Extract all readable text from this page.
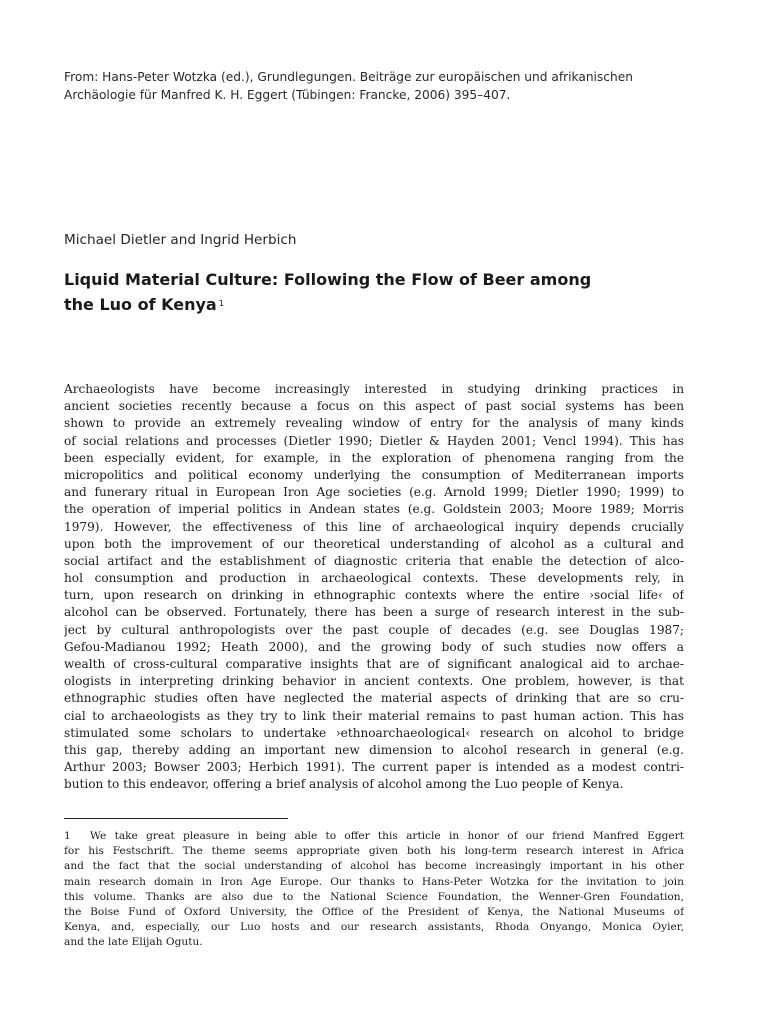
From: Hans-Peter Wotzka (ed.), Grundlegungen. Beiträge zur europäischen und afrikanischen

Archäologie für Manfred K. H. Eggert (Tübingen: Francke, 2006) 395–407.

Michael Dietler and Ingrid Herbich
Liquid Material Culture: Following the Flow of Beer among
the Luo of Kenya $^1$
Archaeologists have become increasingly interested in studying drinking practices in
ancient societies recently because a focus on this aspect of past social systems has been
shown to provide an extremely revealing window of entry for the analysis of many kinds
of social relations and processes (Dietler 1990; Dietler & Hayden 2001; Vencl 1994). This has
been especially evident, for example, in the exploration of phenomena ranging from the
micropolitics and political economy underlying the consumption of Mediterranean imports
and funerary ritual in European Iron Age societies (e.g. Arnold 1999; Dietler 1990; 1999) to
the operation of imperial politics in Andean states (e.g. Goldstein 2003; Moore 1989; Morris
1979). However, the effectiveness of this line of archaeological inquiry depends crucially
upon both the improvement of our theoretical understanding of alcohol as a cultural and
social artifact and the establishment of diagnostic criteria that enable the detection of alco-
hol consumption and production in archaeological contexts. These developments rely, in
turn, upon research on drinking in ethnographic contexts where the entire ›social life‹ of
alcohol can be observed. Fortunately, there has been a surge of research interest in the sub-
ject by cultural anthropologists over the past couple of decades (e.g. see Douglas 1987;
Gefou-Madianou 1992; Heath 2000), and the growing body of such studies now offers a
wealth of cross-cultural comparative insights that are of significant analogical aid to archae-
ologists in interpreting drinking behavior in ancient contexts. One problem, however, is that
ethnographic studies often have neglected the material aspects of drinking that are so cru-
cial to archaeologists as they try to link their material remains to past human action. This has
stimulated some scholars to undertake ›ethnoarchaeological‹ research on alcohol to bridge
this gap, thereby adding an important new dimension to alcohol research in general (e.g.
Arthur 2003; Bowser 2003; Herbich 1991). The current paper is intended as a modest contri-
bution to this endeavor, offering a brief analysis of alcohol among the Luo people of Kenya.
1 We take great pleasure in being able to offer this article in honor of our friend Manfred Eggert
for his Festschrift. The theme seems appropriate given both his long-term research interest in Africa
and the fact that the social understanding of alcohol has become increasingly important in his other
main research domain in Iron Age Europe. Our thanks to Hans-Peter Wotzka for the invitation to join
this volume. Thanks are also due to the National Science Foundation, the Wenner-Gren Foundation,
the Boise Fund of Oxford University, the Office of the President of Kenya, the National Museums of
Kenya, and, especially, our Luo hosts and our research assistants, Rhoda Onyango, Monica Oyier,
and the late Elijah Ogutu.
